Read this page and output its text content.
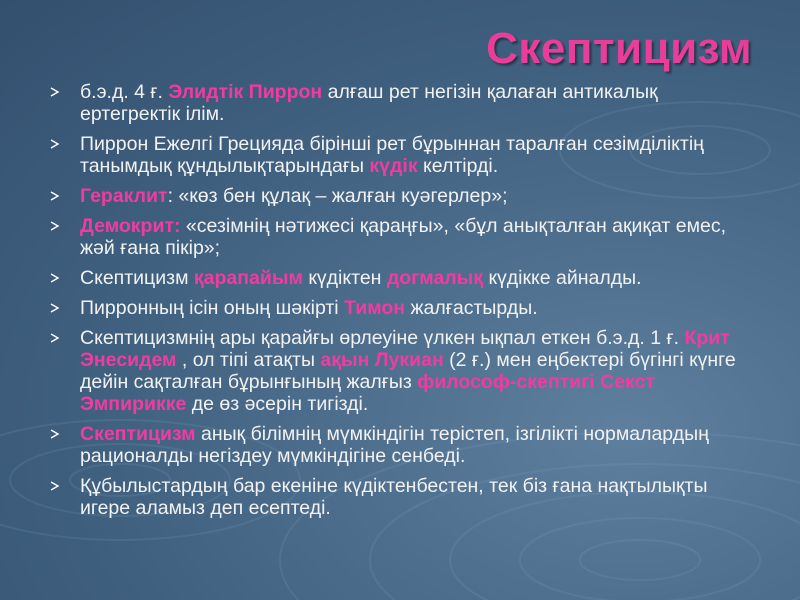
Скептицизм
б.э.д. 4 ғ. Элидтік Пиррон алғаш рет негізін қалаған антикалық ертегректік ілім.
Пиррон Ежелгі Грецияда бірінші рет бұрыннан таралған сезімділіктің танымдық құндылықтарындағы күдік келтірді.
Гераклит: «көз бен құлақ – жалған куәгерлер»;
Демокрит: «сезімнің нәтижесі қараңғы», «бұл анықталған ақиқат емес, жәй ғана пікір»;
Скептицизм қарапайым күдіктен догмалық күдікке айналды.
Пирронның ісін оның шәкірті Тимон жалғастырды.
Скептицизмнің ары қарайғы өрлеуіне үлкен ықпал еткен б.э.д. 1 ғ. Крит Энесидем , ол тіпі атақты ақын Лукиан (2 ғ.) мен еңбектері бүгінгі күнге дейін сақталған бұрынғының жалғыз философ-скептигі Секст Эмпирикке де өз әсерін тигізді.
Скептицизм анық білімнің мүмкіндігін терістеп, ізгілікті нормалардың рационалды негіздеу мүмкіндігіне сенбеді.
Құбылыстардың бар екеніне күдіктенбестен, тек біз ғана нақтылықты игере аламыз деп есептеді.
